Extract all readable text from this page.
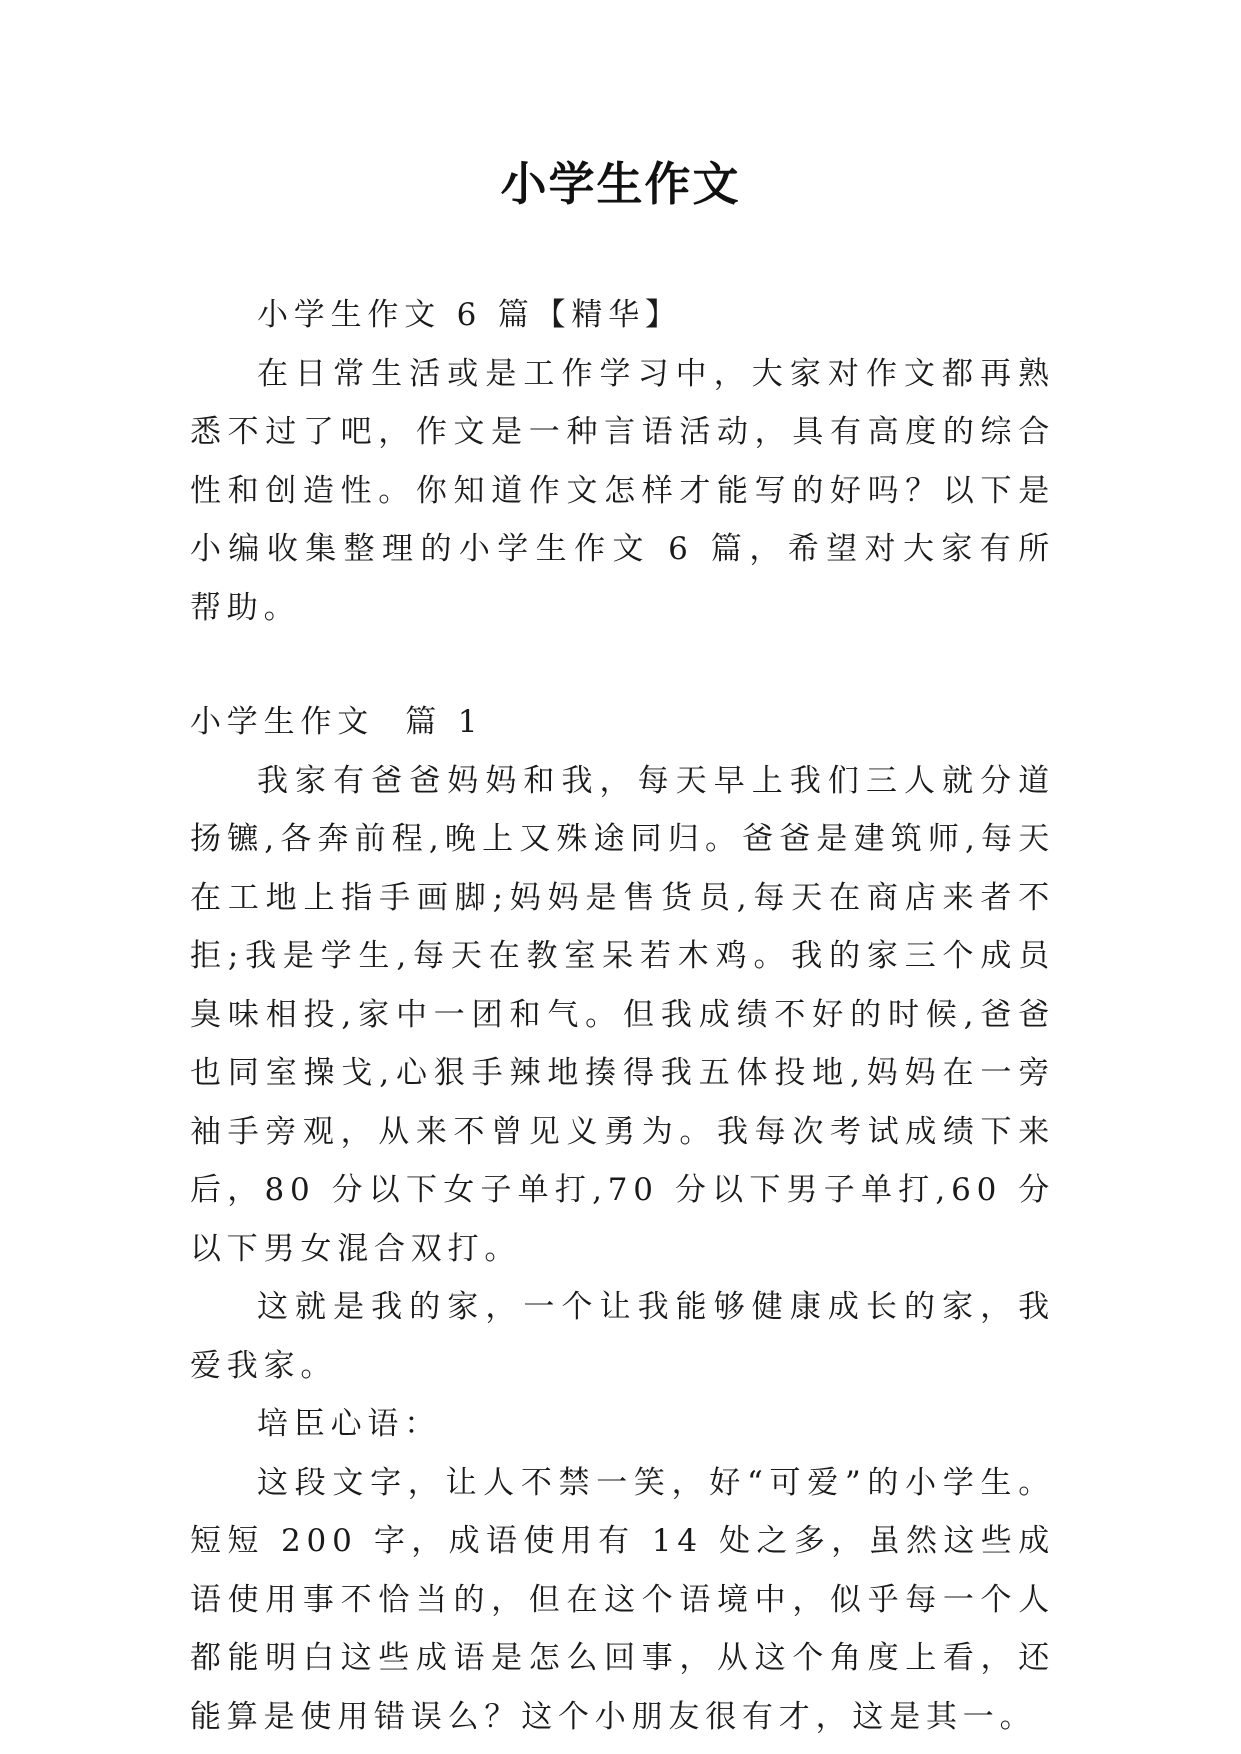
小学生作文

小学生作文 6 篇【精华】

在日常生活或是工作学习中，大家对作文都再熟悉不过了吧，作文是一种言语活动，具有高度的综合性和创造性。你知道作文怎样才能写的好吗？以下是小编收集整理的小学生作文 6 篇，希望对大家有所帮助。

小学生作文  篇 1

我家有爸爸妈妈和我，每天早上我们三人就分道扬镳,各奔前程,晚上又殊途同归。爸爸是建筑师,每天在工地上指手画脚;妈妈是售货员,每天在商店来者不拒;我是学生,每天在教室呆若木鸡。我的家三个成员臭味相投,家中一团和气。但我成绩不好的时候,爸爸也同室操戈,心狠手辣地揍得我五体投地,妈妈在一旁袖手旁观，从来不曾见义勇为。我每次考试成绩下来后，80 分以下女子单打,70 分以下男子单打,60 分以下男女混合双打。

这就是我的家，一个让我能够健康成长的家，我爱我家。

培臣心语：

这段文字，让人不禁一笑，好“可爱”的小学生。短短 200 字，成语使用有 14 处之多，虽然这些成语使用事不恰当的，但在这个语境中，似乎每一个人都能明白这些成语是怎么回事，从这个角度上看，还能算是使用错误么？这个小朋友很有才，这是其一。
